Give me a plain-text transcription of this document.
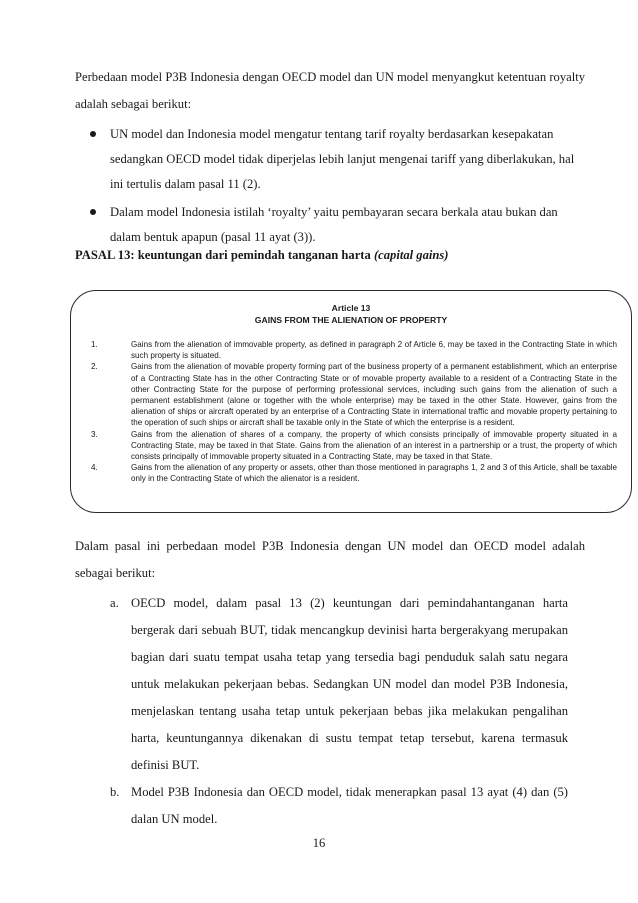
Perbedaan model P3B Indonesia dengan OECD model dan UN model menyangkut ketentuan royalty adalah sebagai berikut:
UN model dan Indonesia model mengatur tentang tarif royalty berdasarkan kesepakatan sedangkan OECD model tidak diperjelas lebih lanjut mengenai tariff yang diberlakukan, hal ini tertulis dalam pasal 11 (2).
Dalam model Indonesia istilah ‘royalty’ yaitu pembayaran secara berkala atau bukan dan dalam bentuk apapun (pasal 11 ayat (3)).
PASAL 13: keuntungan dari pemindah tanganan harta (capital gains)
Article 13
GAINS FROM THE ALIENATION OF PROPERTY
1.	Gains from the alienation of immovable property, as defined in paragraph 2 of Article 6, may be taxed in the Contracting State in which such property is situated.
2.	Gains from the alienation of movable property forming part of the business property of a permanent establishment, which an enterprise of a Contracting State has in the other Contracting State or of movable property available to a resident of a Contracting State in the other Contracting State for the purpose of performing professional services, including such gains from the alienation of such a permanent establishment (alone or together with the whole enterprise) may be taxed in the other State. However, gains from the alienation of ships or aircraft operated by an enterprise of a Contracting State in international traffic and movable property pertaining to the operation of such ships or aircraft shall be taxable only in the State of which the enterprise is a resident.
3.	Gains from the alienation of shares of a company, the property of which consists principally of immovable property situated in a Contracting State, may be taxed in that State. Gains from the alienation of an interest in a partnership or a trust, the property of which consists principally of immovable property situated in a Contracting State, may be taxed in that State.
4.	Gains from the alienation of any property or assets, other than those mentioned in paragraphs 1, 2 and 3 of this Article, shall be taxable only in the Contracting State of which the alienator is a resident.
Dalam pasal ini perbedaan model P3B Indonesia dengan UN model dan OECD model adalah sebagai berikut:
a. OECD model, dalam pasal 13 (2) keuntungan dari pemindahantanganan harta bergerak dari sebuah BUT, tidak mencangkup devinisi harta bergerakyang merupakan bagian dari suatu tempat usaha tetap yang tersedia bagi penduduk salah satu negara untuk melakukan pekerjaan bebas. Sedangkan UN model dan model P3B Indonesia, menjelaskan tentang usaha tetap untuk pekerjaan bebas jika melakukan pengalihan harta, keuntungannya dikenakan di sustu tempat tetap tersebut, karena termasuk definisi BUT.
b. Model P3B Indonesia dan OECD model, tidak menerapkan pasal 13 ayat (4) dan (5) dalan UN model.
16
